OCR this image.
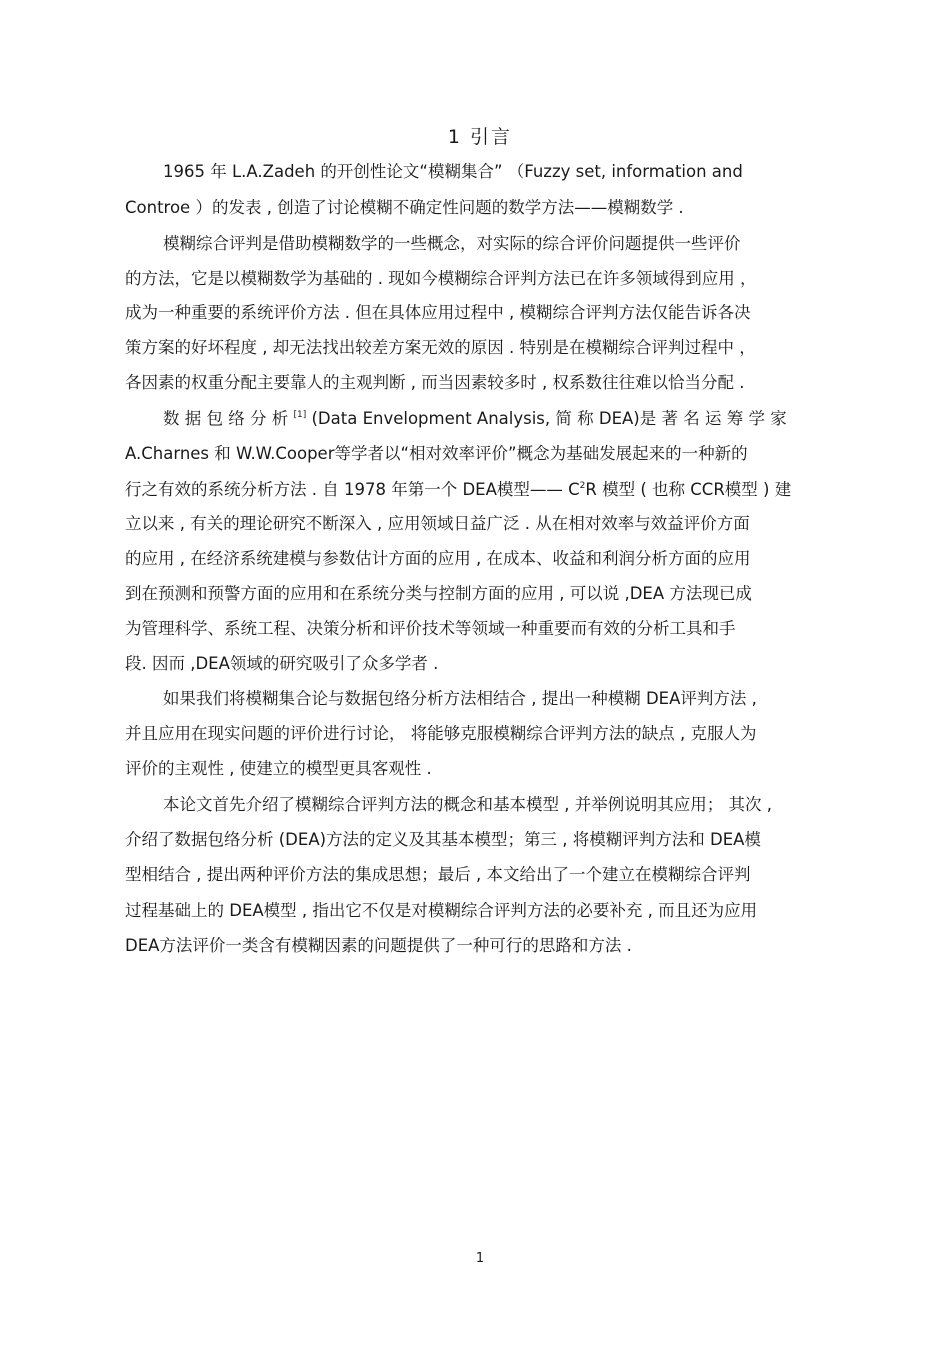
1 引言
1965 年 L.A.Zadeh 的开创性论文“模糊集合” （Fuzzy set, information and
Controe ）的发表 , 创造了讨论模糊不确定性问题的数学方法——模糊数学 .
模糊综合评判是借助模糊数学的一些概念，对实际的综合评价问题提供一些评价
的方法，它是以模糊数学为基础的 . 现如今模糊综合评判方法已在许多领域得到应用 ，
成为一种重要的系统评价方法 . 但在具体应用过程中 , 模糊综合评判方法仅能告诉各决
策方案的好坏程度 , 却无法找出较差方案无效的原因 . 特别是在模糊综合评判过程中 ，
各因素的权重分配主要靠人的主观判断 , 而当因素较多时 , 权系数往往难以恰当分配 .
数 据 包 络 分 析 [1] (Data Envelopment Analysis, 简 称 DEA)是 著 名 运 筹 学 家
A.Charnes 和 W.W.Cooper等学者以“相对效率评价”概念为基础发展起来的一种新的
行之有效的系统分析方法 . 自 1978 年第一个 DEA模型—— $C^2R$ 模型 ( 也称 CCR模型 ) 建
立以来 , 有关的理论研究不断深入 , 应用领域日益广泛 . 从在相对效率与效益评价方面
的应用 , 在经济系统建模与参数估计方面的应用 , 在成本、收益和利润分析方面的应用
到在预测和预警方面的应用和在系统分类与控制方面的应用 , 可以说 ,DEA 方法现已成
为管理科学、系统工程、决策分析和评价技术等领域一种重要而有效的分析工具和手
段. 因而 ,DEA领域的研究吸引了众多学者 .
如果我们将模糊集合论与数据包络分析方法相结合 , 提出一种模糊 DEA评判方法 ,
并且应用在现实问题的评价进行讨论， 将能够克服模糊综合评判方法的缺点 , 克服人为
评价的主观性 , 使建立的模型更具客观性 .
本论文首先介绍了模糊综合评判方法的概念和基本模型 , 并举例说明其应用； 其次 ,
介绍了数据包络分析 (DEA)方法的定义及其基本模型；第三 , 将模糊评判方法和 DEA模
型相结合 , 提出两种评价方法的集成思想；最后 , 本文给出了一个建立在模糊综合评判
过程基础上的 DEA模型 , 指出它不仅是对模糊综合评判方法的必要补充 , 而且还为应用
DEA方法评价一类含有模糊因素的问题提供了一种可行的思路和方法 .
1
